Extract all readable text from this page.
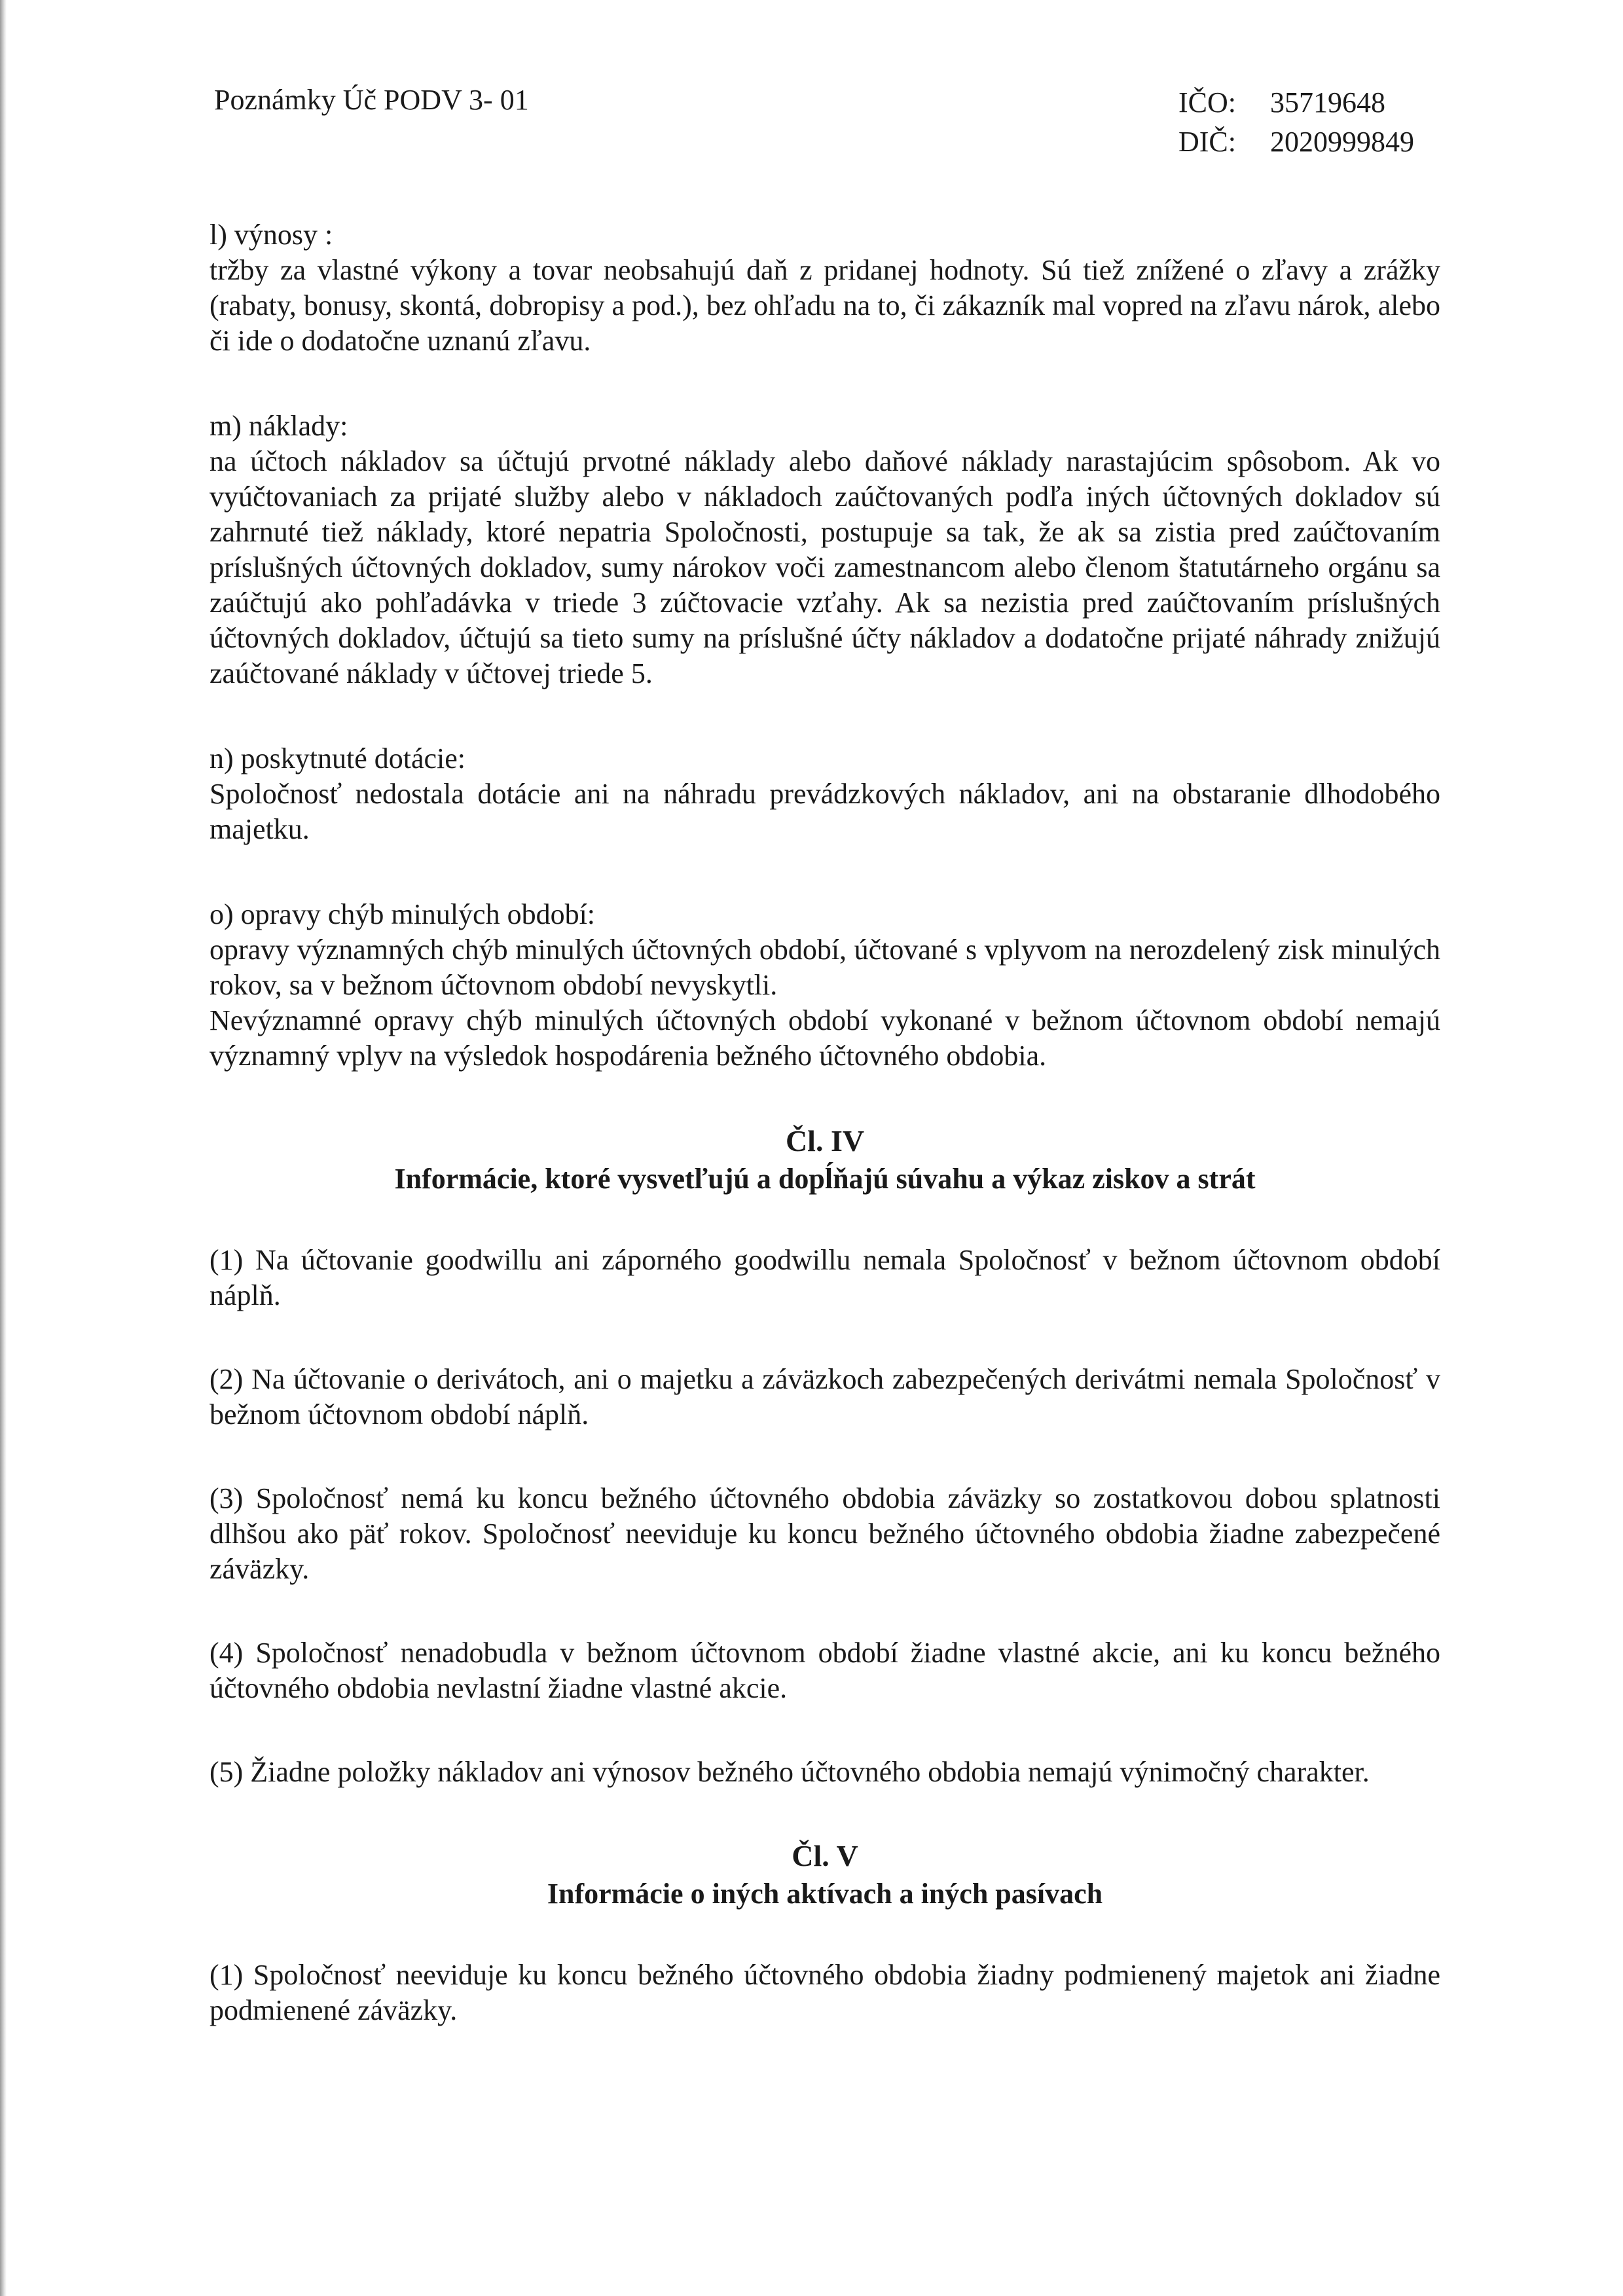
Poznámky Úč PODV 3- 01	IČO:	35719648
DIČ:	2020999849

l) výnosy :

tržby za vlastné výkony a tovar neobsahujú daň z pridanej hodnoty. Sú tiež znížené o zľavy a zrážky (rabaty, bonusy, skontá, dobropisy a pod.), bez ohľadu na to, či zákazník mal vopred na zľavu nárok, alebo či ide o dodatočne uznanú zľavu.

m) náklady:

na účtoch nákladov sa účtujú prvotné náklady alebo daňové náklady narastajúcim spôsobom. Ak vo vyúčtovaniach za prijaté služby alebo v nákladoch zaúčtovaných podľa iných účtovných dokladov sú zahrnuté tiež náklady, ktoré nepatria Spoločnosti, postupuje sa tak, že ak sa zistia pred zaúčtovaním príslušných účtovných dokladov, sumy nárokov voči zamestnancom alebo členom štatutárneho orgánu sa zaúčtujú ako pohľadávka v triede 3 zúčtovacie vzťahy. Ak sa nezistia pred zaúčtovaním príslušných účtovných dokladov, účtujú sa tieto sumy na príslušné účty nákladov a dodatočne prijaté náhrady znižujú zaúčtované náklady v účtovej triede 5.

n) poskytnuté dotácie:

Spoločnosť nedostala dotácie ani na náhradu prevádzkových nákladov, ani na obstaranie dlhodobého majetku.

o) opravy chýb minulých období:

opravy významných chýb minulých účtovných období, účtované s vplyvom na nerozdelený zisk minulých rokov, sa v bežnom účtovnom období nevyskytli.

Nevýznamné opravy chýb minulých účtovných období vykonané v bežnom účtovnom období nemajú významný vplyv na výsledok hospodárenia bežného účtovného obdobia.

Čl. IV

Informácie, ktoré vysvetľujú a dopĺňajú súvahu a výkaz ziskov a strát

(1) Na účtovanie goodwillu ani záporného goodwillu nemala Spoločnosť v bežnom účtovnom období náplň.

(2) Na účtovanie o derivátoch, ani o majetku a záväzkoch zabezpečených derivátmi nemala Spoločnosť v bežnom účtovnom období náplň.

(3) Spoločnosť nemá ku koncu bežného účtovného obdobia záväzky so zostatkovou dobou splatnosti dlhšou ako päť rokov. Spoločnosť neeviduje ku koncu bežného účtovného obdobia žiadne zabezpečené záväzky.

(4) Spoločnosť nenadobudla v bežnom účtovnom období žiadne vlastné akcie, ani ku koncu bežného účtovného obdobia nevlastní žiadne vlastné akcie.

(5) Žiadne položky nákladov ani výnosov bežného účtovného obdobia nemajú výnimočný charakter.

Čl. V

Informácie o iných aktívach a iných pasívach

(1) Spoločnosť neeviduje ku koncu bežného účtovného obdobia žiadny podmienený majetok ani žiadne podmienené záväzky.
